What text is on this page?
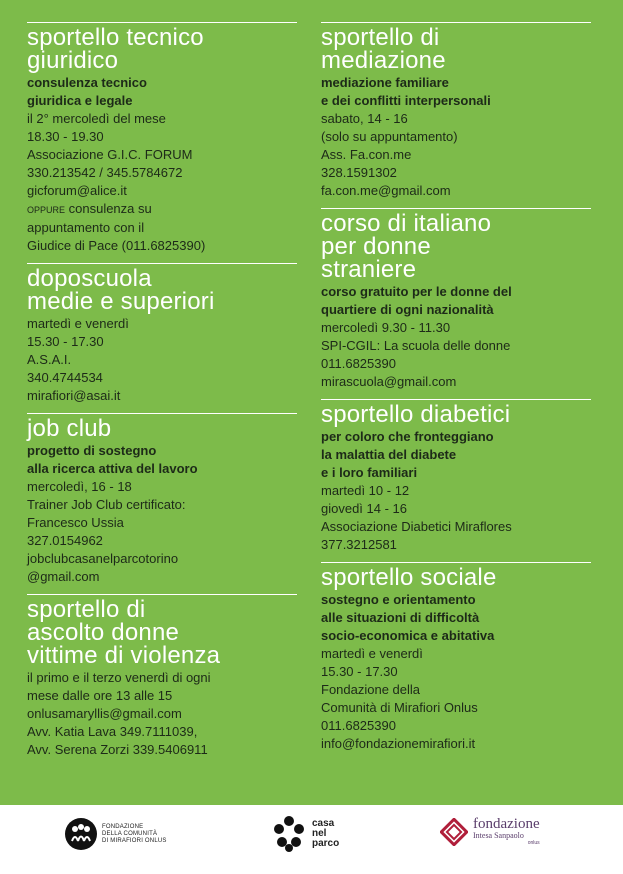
sportello tecnico
giuridico
consulenza tecnico
giuridica e legale
il 2° mercoledì del mese
18.30 - 19.30
Associazione G.I.C. FORUM
330.213542 / 345.5784672
gicforum@alice.it
OPPURE consulenza su
appuntamento con il
Giudice di Pace (011.6825390)
doposcuola
medie e superiori
martedì e venerdì
15.30 - 17.30
A.S.A.I.
340.4744534
mirafiori@asai.it
job club
progetto di sostegno
alla ricerca attiva del lavoro
mercoledì, 16 - 18
Trainer Job Club certificato:
Francesco Ussia
327.0154962
jobclubcasanelparcotorino
@gmail.com
sportello di
ascolto donne
vittime di violenza
il primo e il terzo venerdì di ogni
mese dalle ore 13 alle 15
onlusamaryllis@gmail.com
Avv. Katia Lava 349.7111039,
Avv. Serena Zorzi 339.5406911
sportello di
mediazione
mediazione familiare
e dei conflitti interpersonali
sabato, 14 - 16
(solo su appuntamento)
Ass. Fa.con.me
328.1591302
fa.con.me@gmail.com
corso di italiano
per donne
straniere
corso gratuito per le donne del
quartiere di ogni nazionalità
mercoledì 9.30 - 11.30
SPI-CGIL: La scuola delle donne
011.6825390
mirascuola@gmail.com
sportello diabetici
per coloro che fronteggiano
la malattia del diabete
e i loro familiari
martedì 10 - 12
giovedì 14 - 16
Associazione Diabetici Miraflores
377.3212581
sportello sociale
sostegno e orientamento
alle situazioni di difficoltà
socio-economica e abitativa
martedì e venerdì
15.30 - 17.30
Fondazione della
Comunità di Mirafiori Onlus
011.6825390
info@fondazionemirafiori.it
FONDAZIONE
DELLA COMUNITÀ
DI MIRAFIORI ONLUS
casa
nel
parco
fondazione
Intesa Sanpaolo
onlus
